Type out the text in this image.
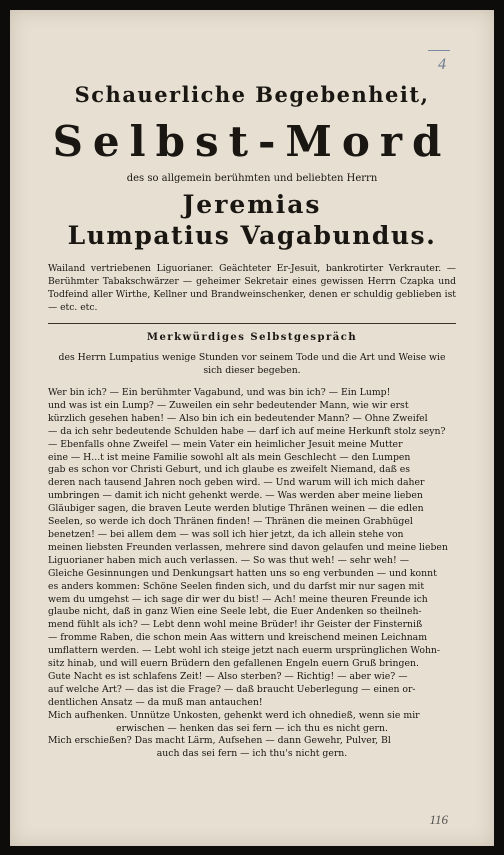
4
Schauerliche Begebenheit,
Selbst-Mord
des so allgemein berühmten und beliebten Herrn
Jeremias
Lumpatius Vagabundus.
Wailand vertriebenen Liguorianer. Geächteter Er-Jesuit, bankrotirter Verkrauter. — Berühmter Tabakschwärzer — geheimer Sekretair eines gewissen Herrn Czapka und Todfeind aller Wirthe, Kellner und Brandweinschenker, denen er schuldig geblieben ist — etc. etc.
Merkwürdiges Selbstgespräch
des Herrn Lumpatius wenige Stunden vor seinem Tode und die Art und Weise wie sich dieser begeben.
Wer bin ich? — Ein berühmter Vagabund, und was bin ich? — Ein Lump!
und was ist ein Lump? — Zuweilen ein sehr bedeutender Mann, wie wir erst
kürzlich gesehen haben! — Also bin ich ein bedeutender Mann? — Ohne Zweifel
— da ich sehr bedeutende Schulden habe — darf ich auf meine Herkunft stolz seyn?
— Ebenfalls ohne Zweifel — mein Vater ein heimlicher Jesuit meine Mutter
eine — H...t ist meine Familie sowohl alt als mein Geschlecht — den Lumpen
gab es schon vor Christi Geburt, und ich glaube es zweifelt Niemand, daß es
deren nach tausend Jahren noch geben wird. — Und warum will ich mich daher
umbringen — damit ich nicht gehenkt werde. — Was werden aber meine lieben
Gläubiger sagen, die braven Leute werden blutige Thränen weinen — die edlen
Seelen, so werde ich doch Thränen finden! — Thränen die meinen Grabhügel
benetzen! — bei allem dem — was soll ich hier jetzt, da ich allein stehe von
meinen liebsten Freunden verlassen, mehrere sind davon gelaufen und meine lieben
Liguorianer haben mich auch verlassen. — So was thut weh! — sehr weh! —
Gleiche Gesinnungen und Denkungsart hatten uns so eng verbunden — und konnt
es anders kommen: Schöne Seelen finden sich, und du darfst mir nur sagen mit
wem du umgehst — ich sage dir wer du bist! — Ach! meine theuren Freunde ich
glaube nicht, daß in ganz Wien eine Seele lebt, die Euer Andenken so theilneh-
mend fühlt als ich? — Lebt denn wohl meine Brüder! ihr Geister der Finsterniß
— fromme Raben, die schon mein Aas wittern und kreischend meinen Leichnam
umflattern werden. — Lebt wohl ich steige jetzt nach euerm ursprünglichen Wohn-
sitz hinab, und will euern Brüdern den gefallenen Engeln euern Gruß bringen.
Gute Nacht es ist schlafens Zeit! — Also sterben? — Richtig! — aber wie? —
auf welche Art? — das ist die Frage? — daß braucht Ueberlegung — einen or-
dentlichen Ansatz — da muß man antauchen!
Mich aufhenken. Unnütze Unkosten, gehenkt werd ich ohnedieß, wenn sie mir
erwischen — henken das sei fern — ich thu es nicht gern.
Mich erschießen? Das macht Lärm, Aufsehen — dann Gewehr, Pulver, Bl
auch das sei fern — ich thu's nicht gern.
116
